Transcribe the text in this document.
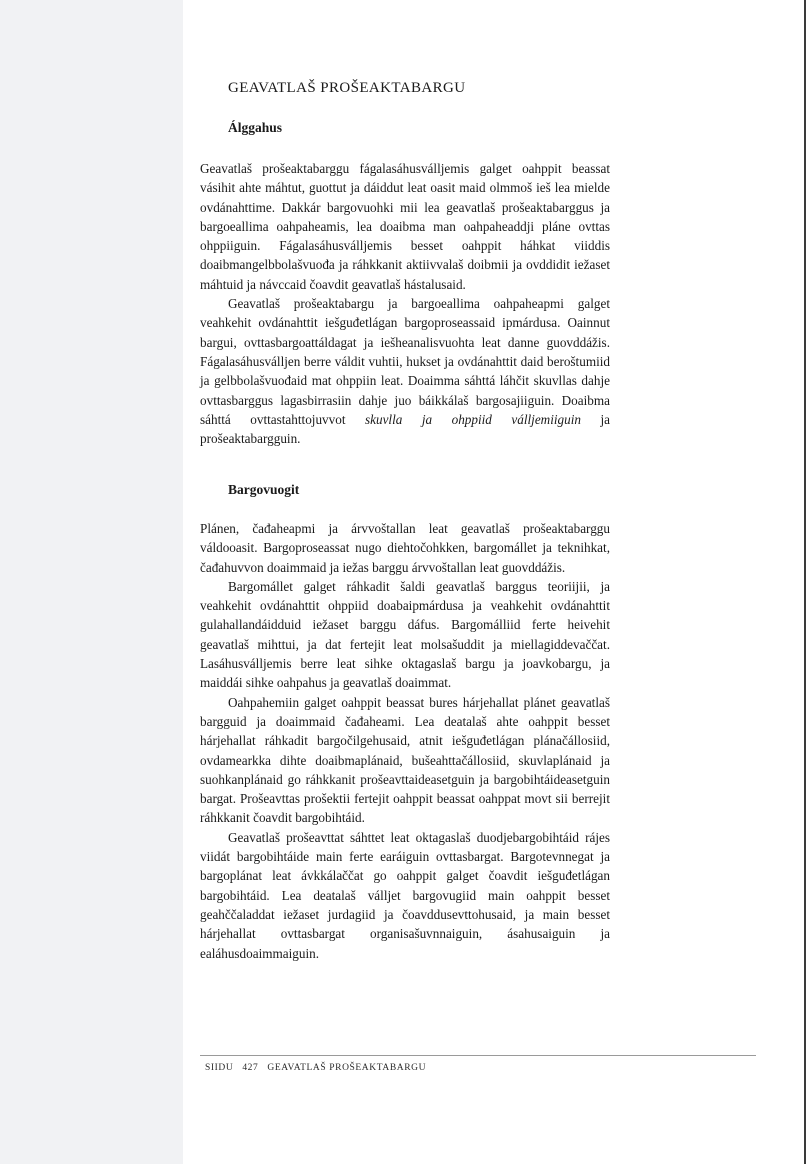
GEAVATLAŠ PROŠEAKTABARGU
Álggahus

Geavatlaš prošeaktabarggu fágalasáhusválljemis galget oahppit beassat vásihit ahte máhtut, guottut ja dáiddut leat oasit maid olmmoš ieš lea mielde ovdánahttime. Dakkár bargovuohki mii lea geavatlaš prošeaktabarggus ja bargoeallima oahpaheamis, lea doaibma man oahpaheaddji pláne ovttas ohppiiguin. Fágalasáhusválljemis besset oahppit háhkat viiddis doaibmangelbbolašvuođa ja ráhkkanit aktiivvalaš doibmii ja ovddidit iežaset máhtuid ja návccaid čoavdit geavatlaš hástalusaid.

Geavatlaš prošeaktabargu ja bargoeallima oahpaheapmi galget veahkehit ovdánahttit iešguđetlágan bargoproseassaid ipmárdusa. Oainnut bargui, ovttasbargoattáldagat ja iešheanalisvuohta leat danne guovddážis. Fágalasáhusválljen berre váldit vuhtii, hukset ja ovdánahttit daid beroštumiid ja gelbbolašvuođaid mat ohppiin leat. Doaimma sáhttá láhčit skuvllas dahje ovttasbarggus lagasbirrasiin dahje juo báikkálaš bargosajiiguin. Doaibma sáhttá ovttastahttojuvvot skuvlla ja ohppiid válljemiiguin ja prošeaktabargguin.

Bargovuogit

Plánen, čađaheapmi ja árvvoštallan leat geavatlaš prošeaktabarggu váldooasit. Bargoproseassat nugo diehtočohkken, bargomállet ja teknihkat, čađahuvvon doaimmaid ja iežas barggu árvvoštallan leat guovddážis.

Bargomállet galget ráhkadit šaldi geavatlaš barggus teoriijii, ja veahkehit ovdánahttit ohppiid doabaipmárdusa ja veahkehit ovdánahttit gulahallandáidduid iežaset barggu dáfus. Bargomálliid ferte heivehit geavatlaš mihttui, ja dat fertejit leat molsašuddit ja miellagiddevaččat. Lasáhusválljemis berre leat sihke oktagaslaš bargu ja joavkobargu, ja maiddái sihke oahpahus ja geavatlaš doaimmat.

Oahpahemiin galget oahppit beassat bures hárjehallat plánet geavatlaš bargguid ja doaimmaid čađaheami. Lea deatalaš ahte oahppit besset hárjehallat ráhkadit bargočilgehusaid, atnit iešguđetlágan plánačállosiid, ovdamearkka dihte doaibmaplánaid, bušeahttačállosiid, skuvlaplánaid ja suohkanplánaid go ráhkkanit prošeavttaideasetguin ja bargobihtáideasetguin bargat. Prošeavttas prošektii fertejit oahppit beassat oahppat movt sii berrejit ráhkkanit čoavdit bargobihtáid.

Geavatlaš prošeavttat sáhttet leat oktagaslaš duodjebargobihtáid rájes viidát bargobihtáide main ferte earáiguin ovttasbargat. Bargotevnnegat ja bargoplánat leat ávkkálaččat go oahppit galget čoavdit iešguđetlágan bargobihtáid. Lea deatalaš válljet bargovugiid main oahppit besset geahččaladdat iežaset jurdagiid ja čoavddusevttohusaid, ja main besset hárjehallat ovttasbargat organisašuvnnaiguin, ásahusaiguin ja ealáhusdoaimmaiguin.

SIIDU 427 GEAVATLAŠ PROŠEAKTABARGU
